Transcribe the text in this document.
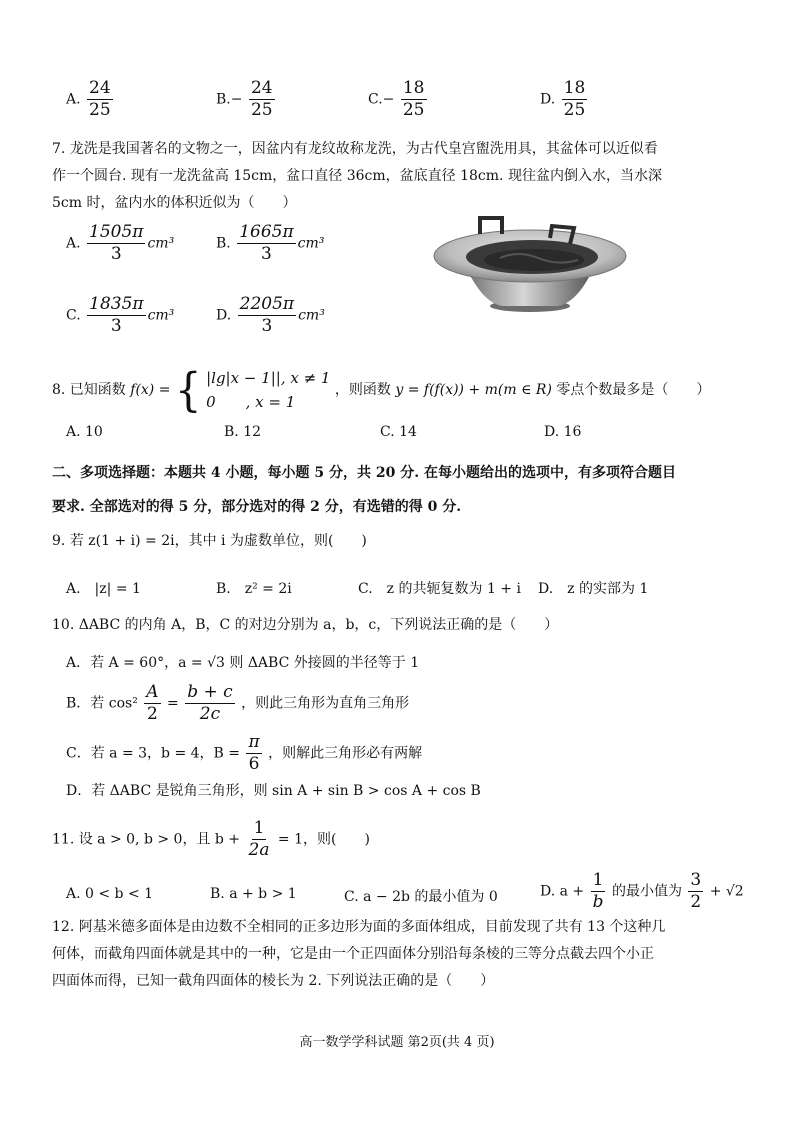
A. $\frac{24}{25}$	$B.- \frac{24}{25}$	$C.- \frac{18}{25}$	D. $\frac{18}{25}$

7. 龙洗是我国著名的文物之一，因盆内有龙纹故称龙洗，为古代皇宫盥洗用具，其盆体可以近似看

作一个圆台. 现有一龙洗盆高 15cm，盆口直径 36cm，盆底直径 18cm. 现往盆内倒入水，当水深

5cm 时，盆内水的体积近似为（　　）

A. $\frac{1505\pi}{3} cm^3$	B. $\frac{1665\pi}{3} cm^3$
C. $\frac{1835\pi}{3} cm^3$	D. $\frac{2205\pi}{3} cm^3$
8. 已知函数 f(x) = { |lg|x − 1||, x ≠ 1
0　　, x = 1
，则函数 y = f(f(x)) + m(m ∈ R) 零点个数最多是（　　）
A. 10	B. 12	C. 14	D. 16

二、多项选择题：本题共 4 小题，每小题 5 分，共 20 分. 在每小题给出的选项中，有多项符合题目

要求. 全部选对的得 5 分，部分选对的得 2 分，有选错的得 0 分.

9. 若 z(1 + i) = 2i，其中 i 为虚数单位，则(　　)
A.　|z| = 1	B.　z² = 2i	C.　z 的共轭复数为 1 + i D.　z 的实部为 1
10. ΔABC 的内角 A，B，C 的对边分别为 a，b，c，下列说法正确的是（　　）
A．若 A = 60°，a = √3 则 ΔABC 外接圆的半径等于 1
B．若 $\cos^2 \frac{A}{2} = \frac{b + c}{2c}$ ，则此三角形为直角三角形
C．若 a = 3，b = 4，$B = \frac{\pi}{6}$ ，则解此三角形必有两解
D．若 ΔABC 是锐角三角形，则 sin A + sin B > cos A + cos B
11. 设 a > 0, b > 0，且 $b + \frac{1}{2a} = 1$，则(　　)
A. 0 < b < 1	B. a + b > 1	C. a − 2b 的最小值为 0	D. $a + \frac{1}{b}$ 的最小值为 $\frac{3}{2} + √2$

12. 阿基米德多面体是由边数不全相同的正多边形为面的多面体组成，目前发现了共有 13 个这种几

何体，而截角四面体就是其中的一种，它是由一个正四面体分别沿每条棱的三等分点截去四个小正

四面体而得，已知一截角四面体的棱长为 2. 下列说法正确的是（　　）

高一数学学科试题 第2页(共 4 页)
